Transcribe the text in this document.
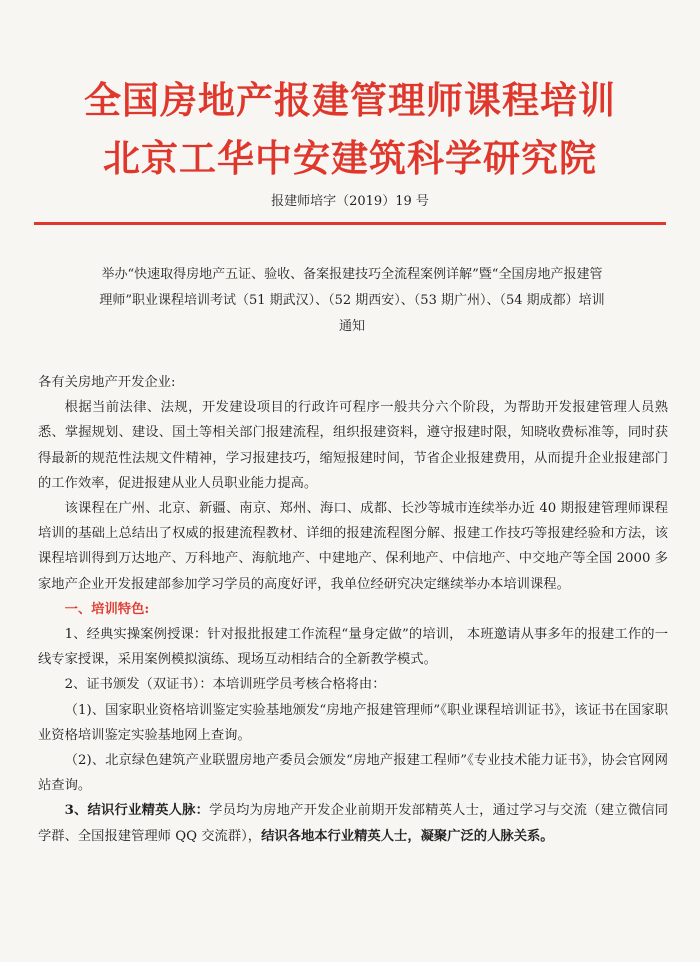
全国房地产报建管理师课程培训
北京工华中安建筑科学研究院
报建师培字（2019）19 号
举办“快速取得房地产五证、验收、备案报建技巧全流程案例详解”暨“全国房地产报建管
理师”职业课程培训考试（51 期武汉）、（52 期西安）、（53 期广州）、（54 期成都）培训
通知

各有关房地产开发企业:

根据当前法律、法规，开发建设项目的行政许可程序一般共分六个阶段，为帮助开发报建管理人员熟悉、掌握规划、建设、国土等相关部门报建流程，组织报建资料，遵守报建时限，知晓收费标准等，同时获得最新的规范性法规文件精神，学习报建技巧，缩短报建时间，节省企业报建费用，从而提升企业报建部门的工作效率，促进报建从业人员职业能力提高。

该课程在广州、北京、新疆、南京、郑州、海口、成都、长沙等城市连续举办近 40 期报建管理师课程培训的基础上总结出了权威的报建流程教材、详细的报建流程图分解、报建工作技巧等报建经验和方法，该课程培训得到万达地产、万科地产、海航地产、中建地产、保利地产、中信地产、中交地产等全国 2000 多家地产企业开发报建部参加学习学员的高度好评，我单位经研究决定继续举办本培训课程。

一、培训特色:

1、经典实操案例授课：针对报批报建工作流程“量身定做”的培训， 本班邀请从事多年的报建工作的一线专家授课，采用案例模拟演练、现场互动相结合的全新教学模式。

2、证书颁发（双证书）：本培训班学员考核合格将由：

（1)、国家职业资格培训鉴定实验基地颁发“房地产报建管理师”《职业课程培训证书》，该证书在国家职业资格培训鉴定实验基地网上查询。

（2)、北京绿色建筑产业联盟房地产委员会颁发“房地产报建工程师”《专业技术能力证书》，协会官网网站查询。

3、结识行业精英人脉：学员均为房地产开发企业前期开发部精英人士，通过学习与交流（建立微信同学群、全国报建管理师 QQ 交流群），结识各地本行业精英人士，凝聚广泛的人脉关系。
